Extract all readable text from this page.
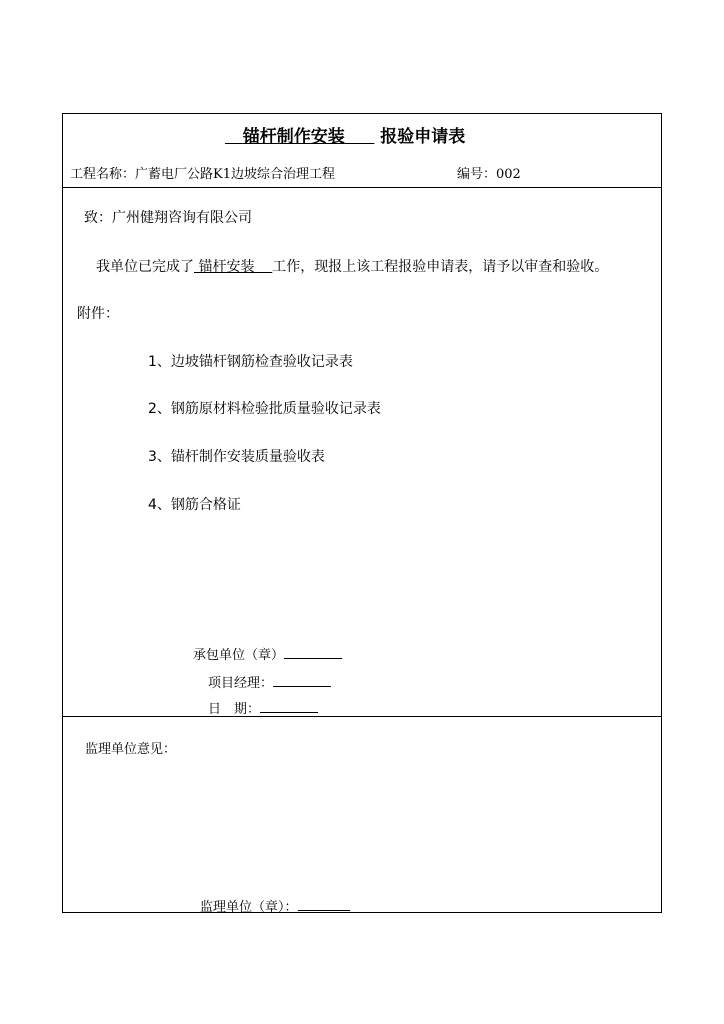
锚杆制作安装 报验申请表
工程名称：广蓄电厂公路K1边坡综合治理工程	编号：002
致：广州健翔咨询有限公司
我单位已完成了 锚杆安装 工作，现报上该工程报验申请表，请予以审查和验收。
附件：
1、边坡锚杆钢筋检查验收记录表
2、钢筋原材料检验批质量验收记录表
3、锚杆制作安装质量验收表
4、钢筋合格证
承包单位（章）
项目经理：
日　期：
监理单位意见：
监理单位（章）：
